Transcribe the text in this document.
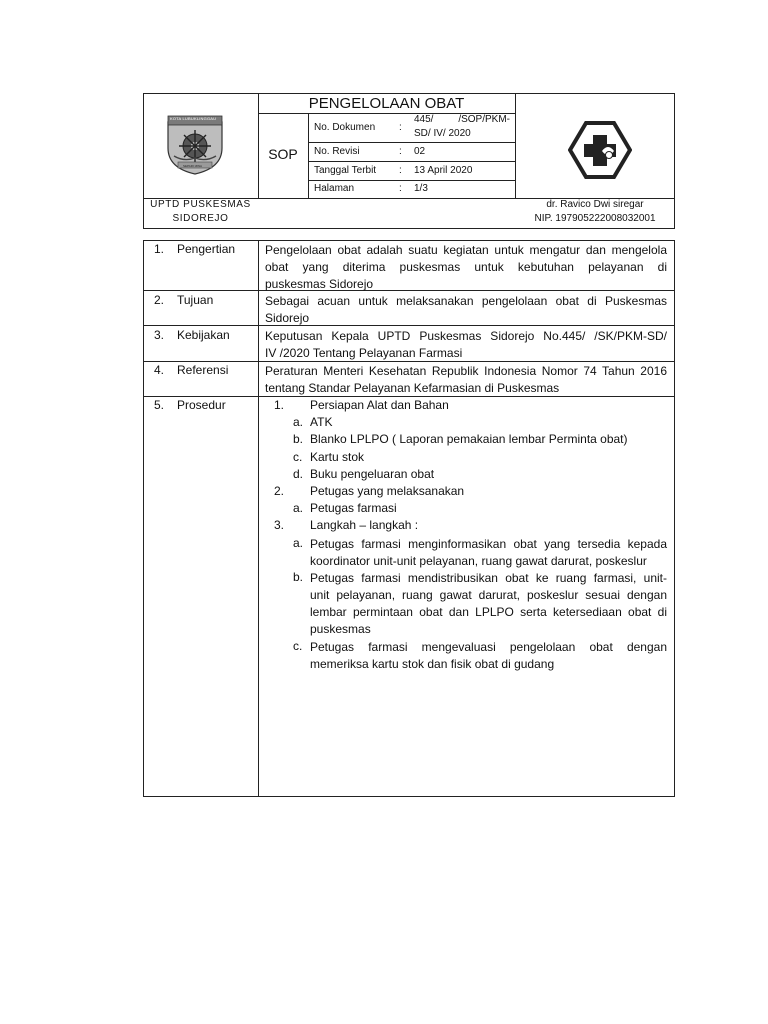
KOTA LUBUKLINGGAU
SEPARI IZWA
UPTD PUSKESMAS
SIDOREJO
PENGELOLAAN OBAT
SOP
No. Dokumen :
445/ /SOP/PKM-
SD/ IV/ 2020
No. Revisi	: 02
Tanggal Terbit : 13 April 2020
Halaman	: 1/3
dr. Ravico Dwi siregar
NIP. 197905222008032001
1. Pengertian Pengelolaan obat adalah suatu kegiatan untuk mengatur dan mengelola
obat yang diterima puskesmas untuk kebutuhan pelayanan di
puskesmas Sidorejo
2. Tujuan	Sebagai acuan untuk melaksanakan pengelolaan obat di Puskesmas
Sidorejo
3. Kebijakan	Keputusan Kepala UPTD Puskesmas Sidorejo No.445/ /SK/PKM-SD/
IV /2020 Tentang Pelayanan Farmasi
4. Referensi	Peraturan Menteri Kesehatan Republik Indonesia Nomor 74 Tahun 2016
tentang Standar Pelayanan Kefarmasian di Puskesmas
5. Prosedur	1. Persiapan Alat dan Bahan
a. ATK
b. Blanko LPLPO ( Laporan pemakaian lembar Perminta obat)
c. Kartu stok
d. Buku pengeluaran obat
2. Petugas yang melaksanakan
a. Petugas farmasi
3. Langkah – langkah :
a. Petugas farmasi menginformasikan obat yang tersedia kepada
koordinator unit-unit pelayanan, ruang gawat darurat, poskeslur
b. Petugas farmasi mendistribusikan obat ke ruang farmasi, unit-
unit pelayanan, ruang gawat darurat, poskeslur sesuai dengan
lembar permintaan obat dan LPLPO serta ketersediaan obat di
puskesmas
c. Petugas farmasi mengevaluasi pengelolaan obat dengan
memeriksa kartu stok dan fisik obat di gudang
